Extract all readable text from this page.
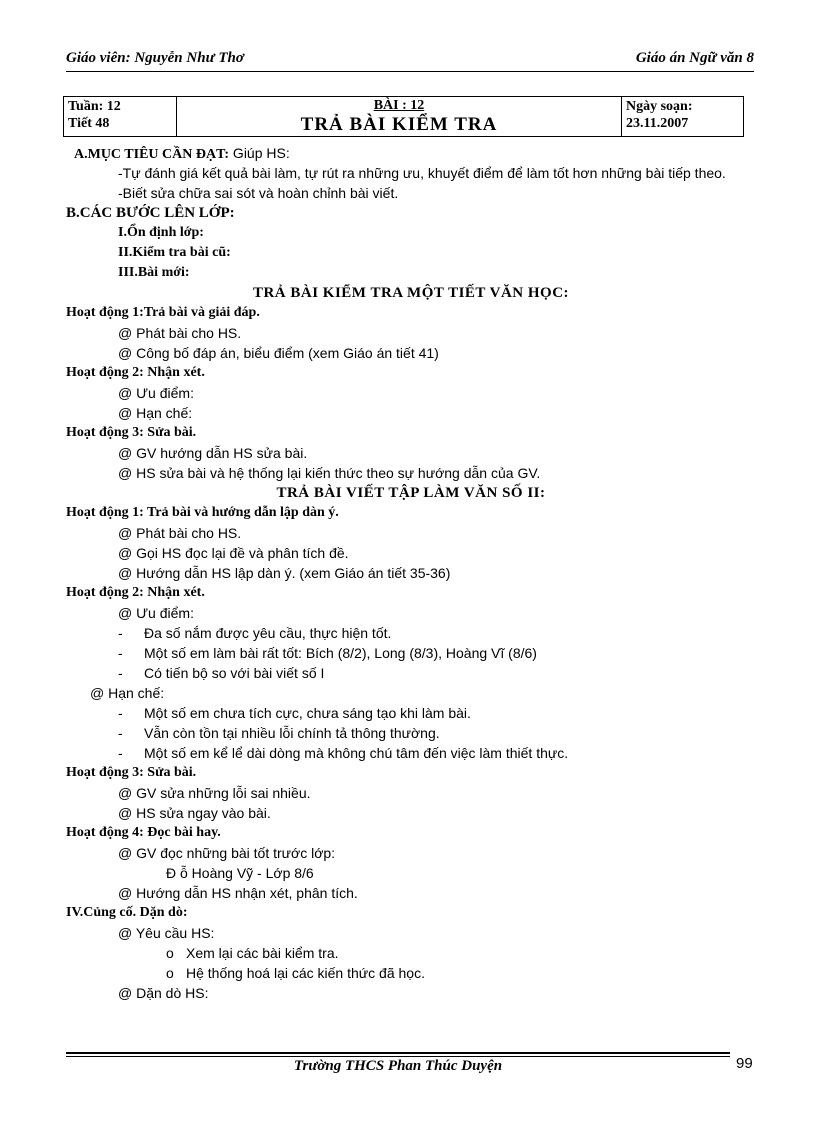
Giáo viên: Nguyễn Như Thơ	Giáo án Ngữ văn 8
Tuần: 12
Tiết 48

BÀI : 12
TRẢ BÀI KIỂM TRA

Ngày soạn:
23.11.2007
A.MỤC TIÊU CẦN ĐẠT: Giúp HS:
-Tự đánh giá kết quả bài làm, tự rút ra những ưu, khuyết điểm để làm tốt hơn những bài tiếp theo.
-Biết sửa chữa sai sót và hoàn chỉnh bài viết.
B.CÁC BƯỚC LÊN LỚP:
I.Ổn định lớp:
II.Kiểm tra bài cũ:
III.Bài mới:
TRẢ BÀI KIỂM TRA MỘT TIẾT VĂN HỌC:
Hoạt động 1:Trả bài và giải đáp.
@ Phát bài cho HS.
@ Công bố đáp án, biểu điểm (xem Giáo án tiết 41)
Hoạt động 2: Nhận xét.
@ Ưu điểm:
@ Hạn chế:
Hoạt động 3: Sửa bài.
@ GV hướng dẫn HS sửa bài.
@ HS sửa bài và hệ thống lại kiến thức theo sự hướng dẫn của GV.
TRẢ BÀI VIẾT TẬP LÀM VĂN SỐ II:
Hoạt động 1: Trả bài và hướng dẫn lập dàn ý.
@ Phát bài cho HS.
@ Gọi HS đọc lại đề và phân tích đề.
@ Hướng dẫn HS lập dàn ý. (xem Giáo án tiết 35-36)
Hoạt động 2: Nhận xét.
@ Ưu điểm:
- Đa số nắm được yêu cầu, thực hiện tốt.
- Một số em làm bài rất tốt: Bích (8/2), Long (8/3), Hoàng Vĩ (8/6)
- Có tiến bộ so với bài viết số I
@ Hạn chế:
- Một số em chưa tích cực, chưa sáng tạo khi làm bài.
- Vẫn còn tồn tại nhiều lỗi chính tả thông thường.
- Một số em kể lể dài dòng mà không chú tâm đến việc làm thiết thực.
Hoạt động 3: Sửa bài.
@ GV sửa những lỗi sai nhiều.
@ HS sửa ngay vào bài.
Hoạt động 4: Đọc bài hay.
@ GV đọc những bài tốt trước lớp:
Đ ỗ Hoàng Vỹ - Lớp 8/6
@ Hướng dẫn HS nhận xét, phân tích.
IV.Củng cố. Dặn dò:
@ Yêu cầu HS:
o Xem lại các bài kiểm tra.
o Hệ thống hoá lại các kiến thức đã học.
@ Dặn dò HS:
Trường THCS Phan Thúc Duyện	99
